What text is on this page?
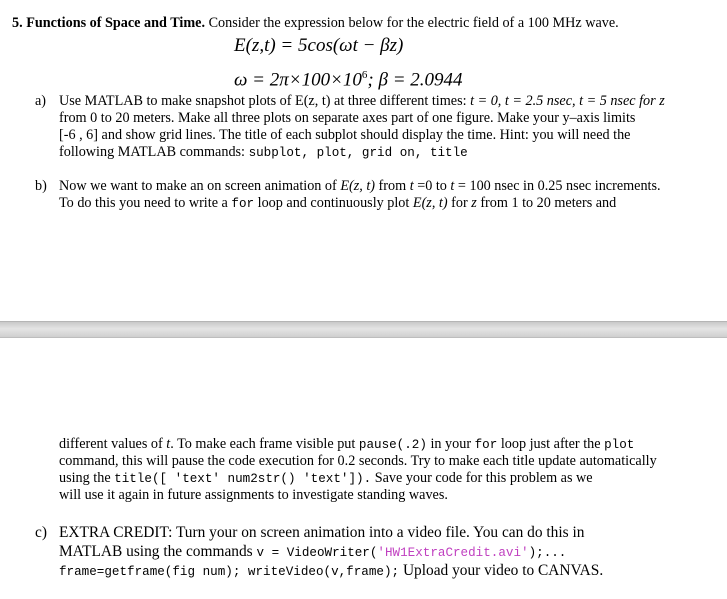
5. Functions of Space and Time. Consider the expression below for the electric field of a 100 MHz wave.
E(z,t) = 5cos(ωt − βz)
$\omega = 2\pi\times 100\times 10^6$; β = 2.0944
a) Use MATLAB to make snapshot plots of E(z, t) at three different times: t = 0, t = 2.5 nsec, t = 5 nsec for z
from 0 to 20 meters. Make all three plots on separate axes part of one figure. Make your y–axis limits
[-6 , 6] and show grid lines. The title of each subplot should display the time. Hint: you will need the
following MATLAB commands: subplot, plot, grid on, title
b) Now we want to make an on screen animation of E(z, t) from t =0 to t = 100 nsec in 0.25 nsec increments.
To do this you need to write a for loop and continuously plot E(z, t) for z from 1 to 20 meters and
different values of t. To make each frame visible put pause(.2) in your for loop just after the plot
command, this will pause the code execution for 0.2 seconds. Try to make each title update automatically
using the title([ 'text' num2str() 'text']). Save your code for this problem as we
will use it again in future assignments to investigate standing waves.
c) EXTRA CREDIT: Turn your on screen animation into a video file. You can do this in
MATLAB using the commands v = VideoWriter('HW1ExtraCredit.avi');...
frame=getframe(fig num); writeVideo(v,frame); Upload your video to CANVAS.
